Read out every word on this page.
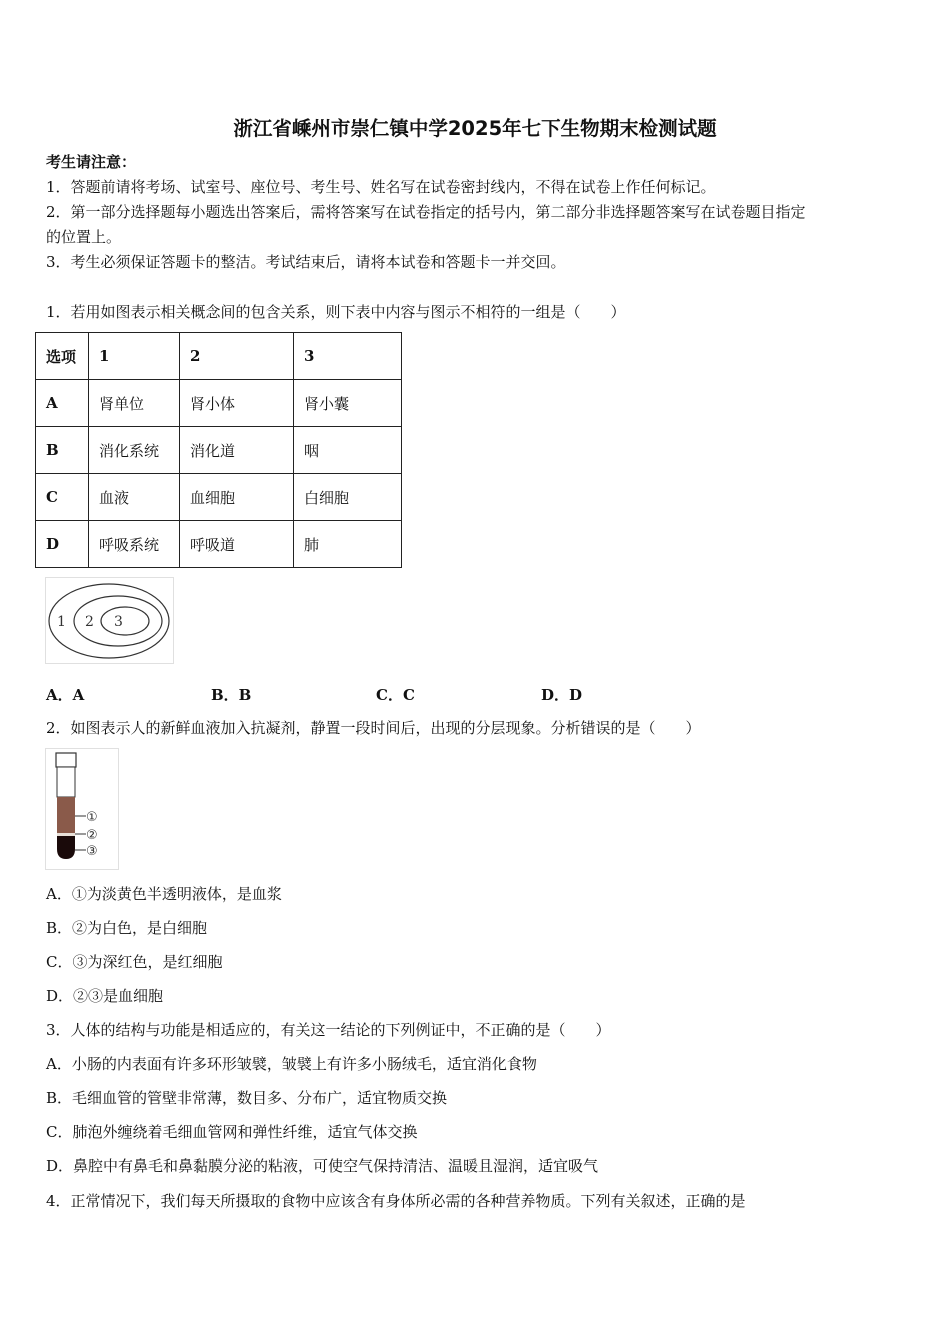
浙江省嵊州市崇仁镇中学2025年七下生物期末检测试题
考生请注意：
1．答题前请将考场、试室号、座位号、考生号、姓名写在试卷密封线内，不得在试卷上作任何标记。
2．第一部分选择题每小题选出答案后，需将答案写在试卷指定的括号内，第二部分非选择题答案写在试卷题目指定
的位置上。
3．考生必须保证答题卡的整洁。考试结束后，请将本试卷和答题卡一并交回。
1．若用如图表示相关概念间的包含关系，则下表中内容与图示不相符的一组是（　　）
选项	1	2	3
A	肾单位	肾小体	肾小囊
B	消化系统	消化道	咽
C	血液	血细胞	白细胞
D	呼吸系统	呼吸道	肺
1 2 3
A．A	B．B	C．C	D．D
2．如图表示人的新鲜血液加入抗凝剂，静置一段时间后，出现的分层现象。分析错误的是（　　）
①
②
③
A．①为淡黄色半透明液体，是血浆
B．②为白色，是白细胞
C．③为深红色，是红细胞
D．②③是血细胞
3．人体的结构与功能是相适应的，有关这一结论的下列例证中，不正确的是（　　）
A．小肠的内表面有许多环形皱襞，皱襞上有许多小肠绒毛，适宜消化食物
B．毛细血管的管壁非常薄，数目多、分布广，适宜物质交换
C．肺泡外缠绕着毛细血管网和弹性纤维，适宜气体交换
D．鼻腔中有鼻毛和鼻黏膜分泌的粘液，可使空气保持清洁、温暖且湿润，适宜吸气
4．正常情况下，我们每天所摄取的食物中应该含有身体所必需的各种营养物质。下列有关叙述，正确的是
